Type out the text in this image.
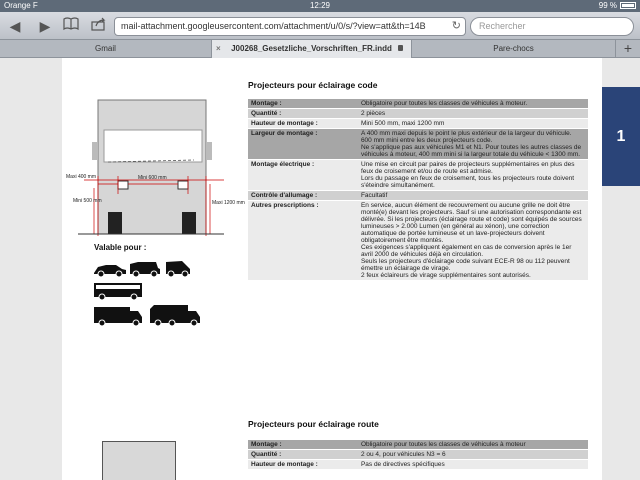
Orange F	12:29	99 %
◀ ▶	mail-attachment.googleusercontent.com/attachment/u/0/s/?view=att&th=14B ↻	Rechercher
Gmail	× J00268_Gesetzliche_Vorschriften_FR.indd	Pare-chocs	+
1
Maxi 400 mm	Mini 600 mm
Mini 500 mm	Maxi 1200 mm
Valable pour :
Projecteurs pour éclairage code
Montage :	Obligatoire pour toutes les classes de véhicules à moteur.

Quantité :	2 pièces

Hauteur de montage :	Mini 500 mm, maxi 1200 mm

Largeur de montage :	A 400 mm maxi depuis le point le plus extérieur de la largeur du véhicule.
600 mm mini entre les deux projecteurs code.
Ne s'applique pas aux véhicules M1 et N1. Pour toutes les autres classes de véhicules à moteur, 400 mm mini si la largeur totale du véhicule < 1300 mm.

Montage électrique :	Une mise en circuit par paires de projecteurs supplémentaires en plus des feux de croisement et/ou de route est admise.
Lors du passage en feux de croisement, tous les projecteurs route doivent s'éteindre simultanément.

Contrôle d'allumage :	Facultatif

Autres prescriptions :	En service, aucun élément de recouvrement ou aucune grille ne doit être monté(e) devant les projecteurs. Sauf si une autorisation correspondante est délivrée. Si les projecteurs (éclairage route et code) sont équipés de sources lumineuses > 2.000 Lumen (en général au xénon), une correction automatique de portée lumineuse et un lave-projecteurs doivent obligatoirement être montés.
Ces exigences s'appliquent également en cas de conversion après le 1er avril 2000 de véhicules déjà en circulation.
Seuls les projecteurs d'éclairage code suivant ECE-R 98 ou 112 peuvent émettre un éclairage de virage.
2 feux éclaireurs de virage supplémentaires sont autorisés.
Projecteurs pour éclairage route
Montage :	Obligatoire pour toutes les classes de véhicules à moteur

Quantité :	2 ou 4, pour véhicules N3 = 6

Hauteur de montage :	Pas de directives spécifiques
